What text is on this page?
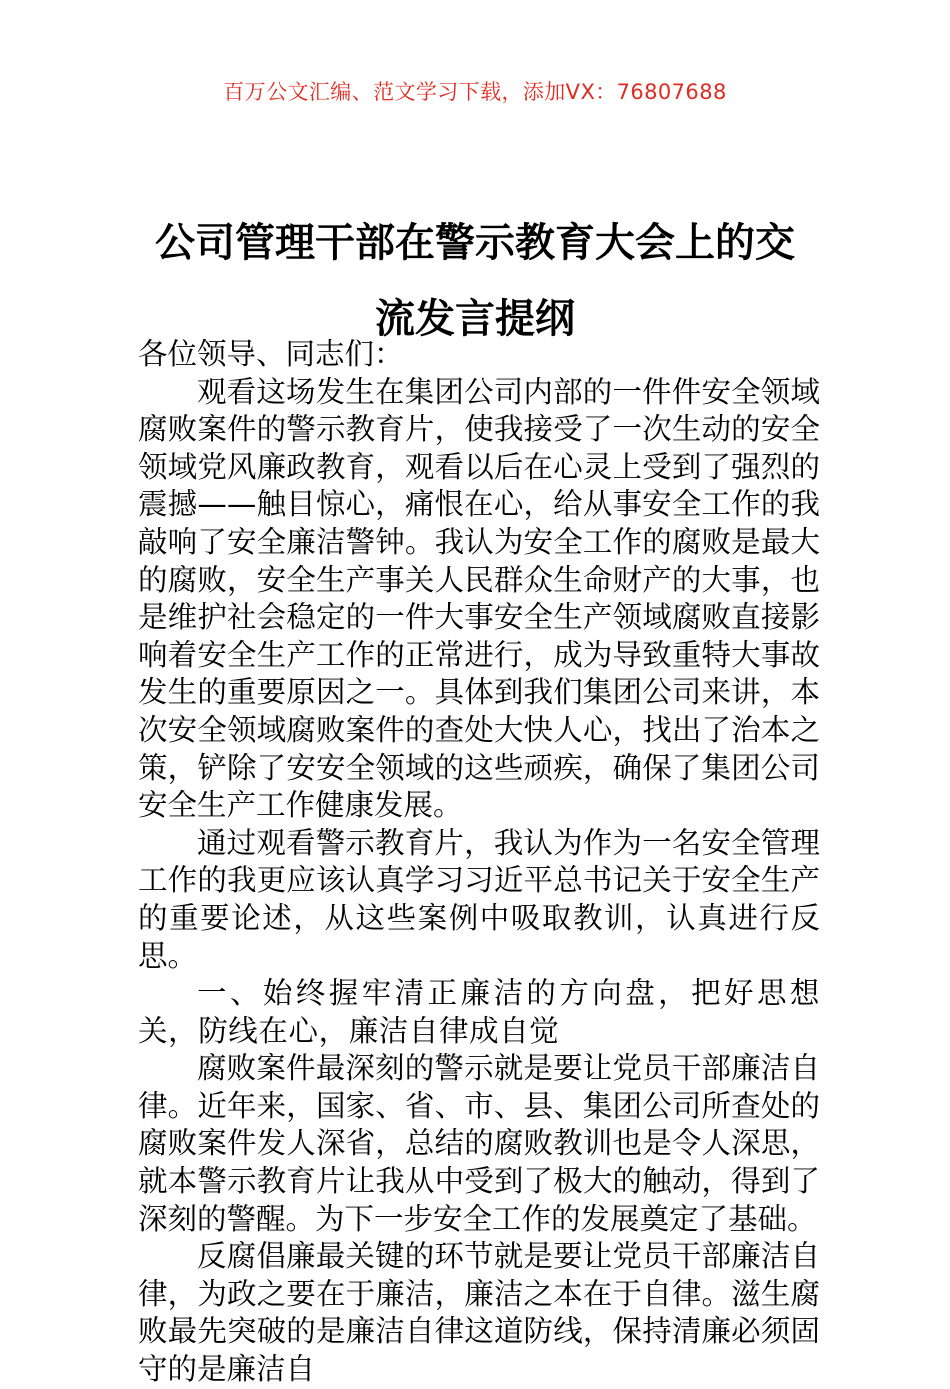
百万公文汇编、范文学习下载，添加VX：76807688
公司管理干部在警示教育大会上的交流发言提纲

各位领导、同志们：

观看这场发生在集团公司内部的一件件安全领域腐败案件的警示教育片，使我接受了一次生动的安全领域党风廉政教育，观看以后在心灵上受到了强烈的震撼——触目惊心，痛恨在心，给从事安全工作的我敲响了安全廉洁警钟。我认为安全工作的腐败是最大的腐败，安全生产事关人民群众生命财产的大事，也是维护社会稳定的一件大事安全生产领域腐败直接影响着安全生产工作的正常进行，成为导致重特大事故发生的重要原因之一。具体到我们集团公司来讲，本次安全领域腐败案件的查处大快人心，找出了治本之策，铲除了安安全领域的这些顽疾，确保了集团公司安全生产工作健康发展。

通过观看警示教育片，我认为作为一名安全管理工作的我更应该认真学习习近平总书记关于安全生产的重要论述，从这些案例中吸取教训，认真进行反思。

一、始终握牢清正廉洁的方向盘，把好思想关，防线在心，廉洁自律成自觉

腐败案件最深刻的警示就是要让党员干部廉洁自律。近年来，国家、省、市、县、集团公司所查处的腐败案件发人深省，总结的腐败教训也是令人深思，就本警示教育片让我从中受到了极大的触动，得到了深刻的警醒。为下一步安全工作的发展奠定了基础。

反腐倡廉最关键的环节就是要让党员干部廉洁自律，为政之要在于廉洁，廉洁之本在于自律。滋生腐败最先突破的是廉洁自律这道防线，保持清廉必须固守的是廉洁自
